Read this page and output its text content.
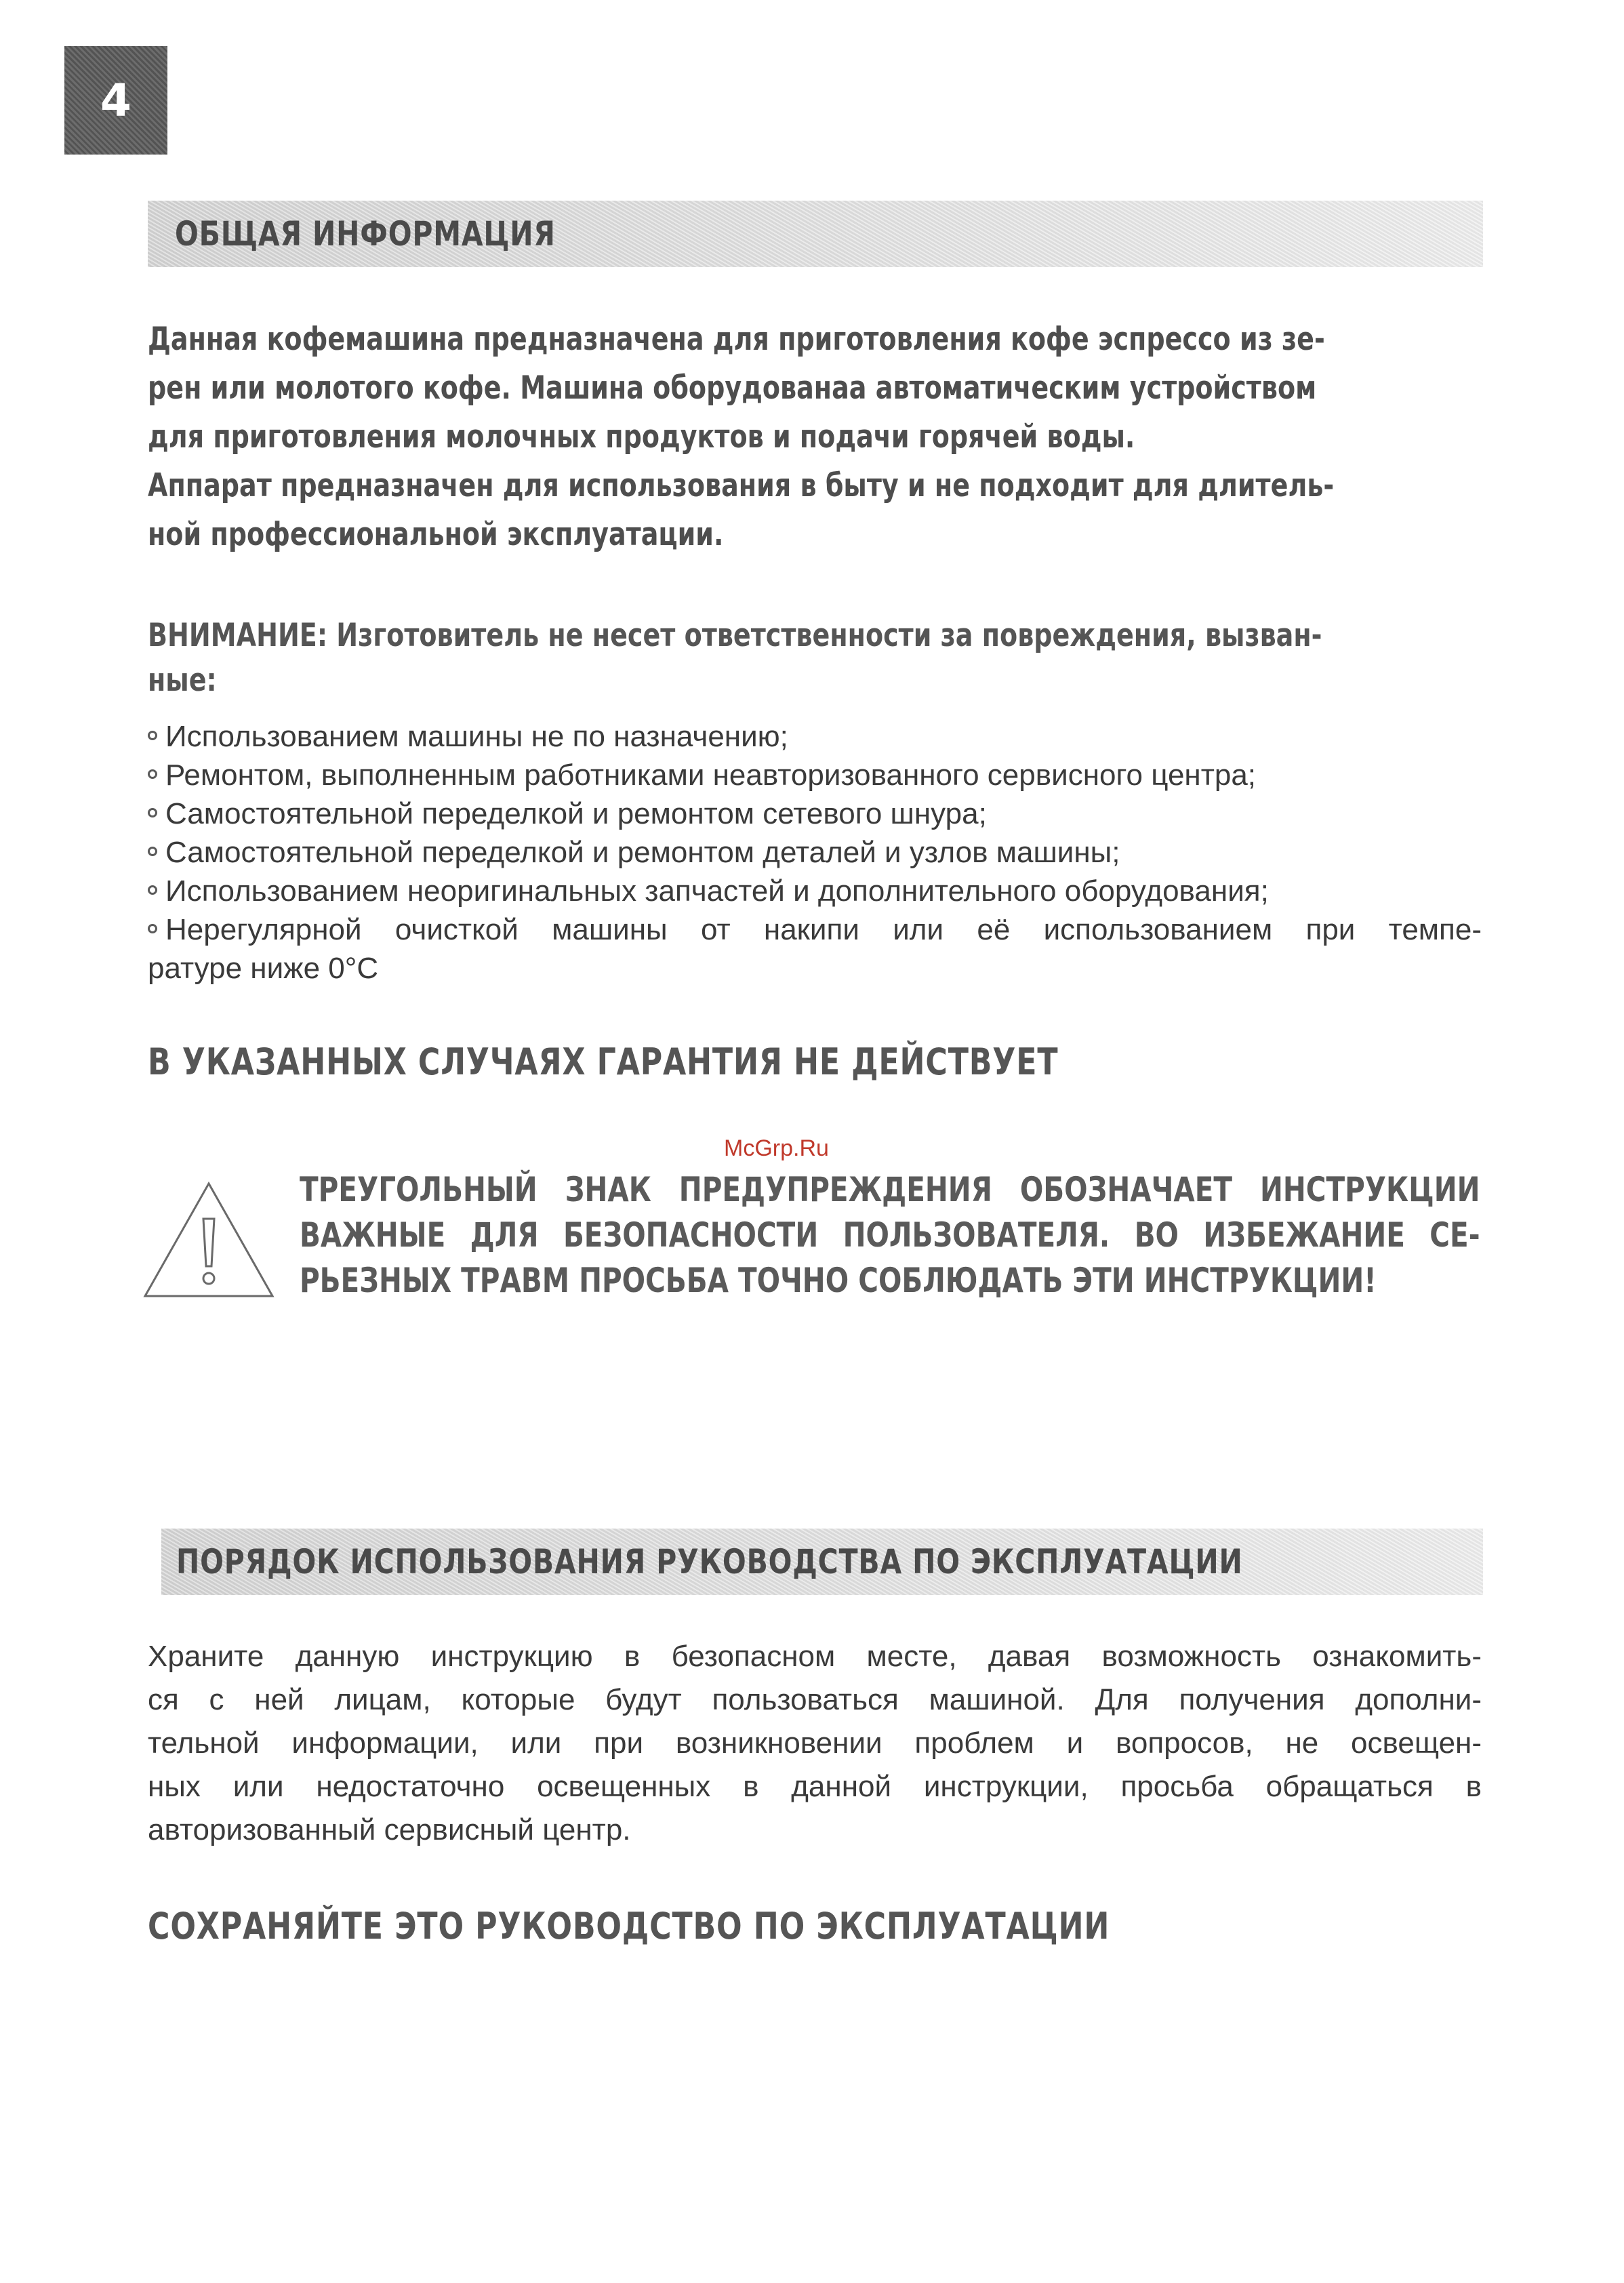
4
ОБЩАЯ ИНФОРМАЦИЯ
Данная кофемашина предназначена для приготовления кофе эспрессо из зе-
рен или молотого кофе. Машина оборудованаа автоматическим устройством
для приготовления молочных продуктов и подачи горячей воды.
Аппарат предназначен для использования в быту и не подходит для длитель-
ной профессиональной эксплуатации.
ВНИМАНИЕ: Изготовитель не несет ответственности за повреждения, вызван-
ные:
Использованием машины не по назначению;
Ремонтом, выполненным работниками неавторизованного сервисного центра;
Самостоятельной переделкой и ремонтом сетевого шнура;
Самостоятельной переделкой и ремонтом деталей и узлов машины;
Использованием неоригинальных запчастей и дополнительного оборудования;
Нерегулярной очисткой машины от накипи или её использованием при темпе-
ратуре ниже 0°С
В УКАЗАННЫХ СЛУЧАЯХ ГАРАНТИЯ НЕ ДЕЙСТВУЕТ
McGrp.Ru
ТРЕУГОЛЬНЫЙ ЗНАК ПРЕДУПРЕЖДЕНИЯ ОБОЗНАЧАЕТ ИНСТРУКЦИИ
ВАЖНЫЕ ДЛЯ БЕЗОПАСНОСТИ ПОЛЬЗОВАТЕЛЯ. ВО ИЗБЕЖАНИЕ СЕ-
РЬЕЗНЫХ ТРАВМ ПРОСЬБА ТОЧНО СОБЛЮДАТЬ ЭТИ ИНСТРУКЦИИ!
ПОРЯДОК ИСПОЛЬЗОВАНИЯ РУКОВОДСТВА ПО ЭКСПЛУАТАЦИИ
Храните данную инструкцию в безопасном месте, давая возможность ознакомить-
ся с ней лицам, которые будут пользоваться машиной. Для получения дополни-
тельной информации, или при возникновении проблем и вопросов, не освещен-
ных или недостаточно освещенных в данной инструкции, просьба обращаться в
авторизованный сервисный центр.
СОХРАНЯЙТЕ ЭТО РУКОВОДСТВО ПО ЭКСПЛУАТАЦИИ
